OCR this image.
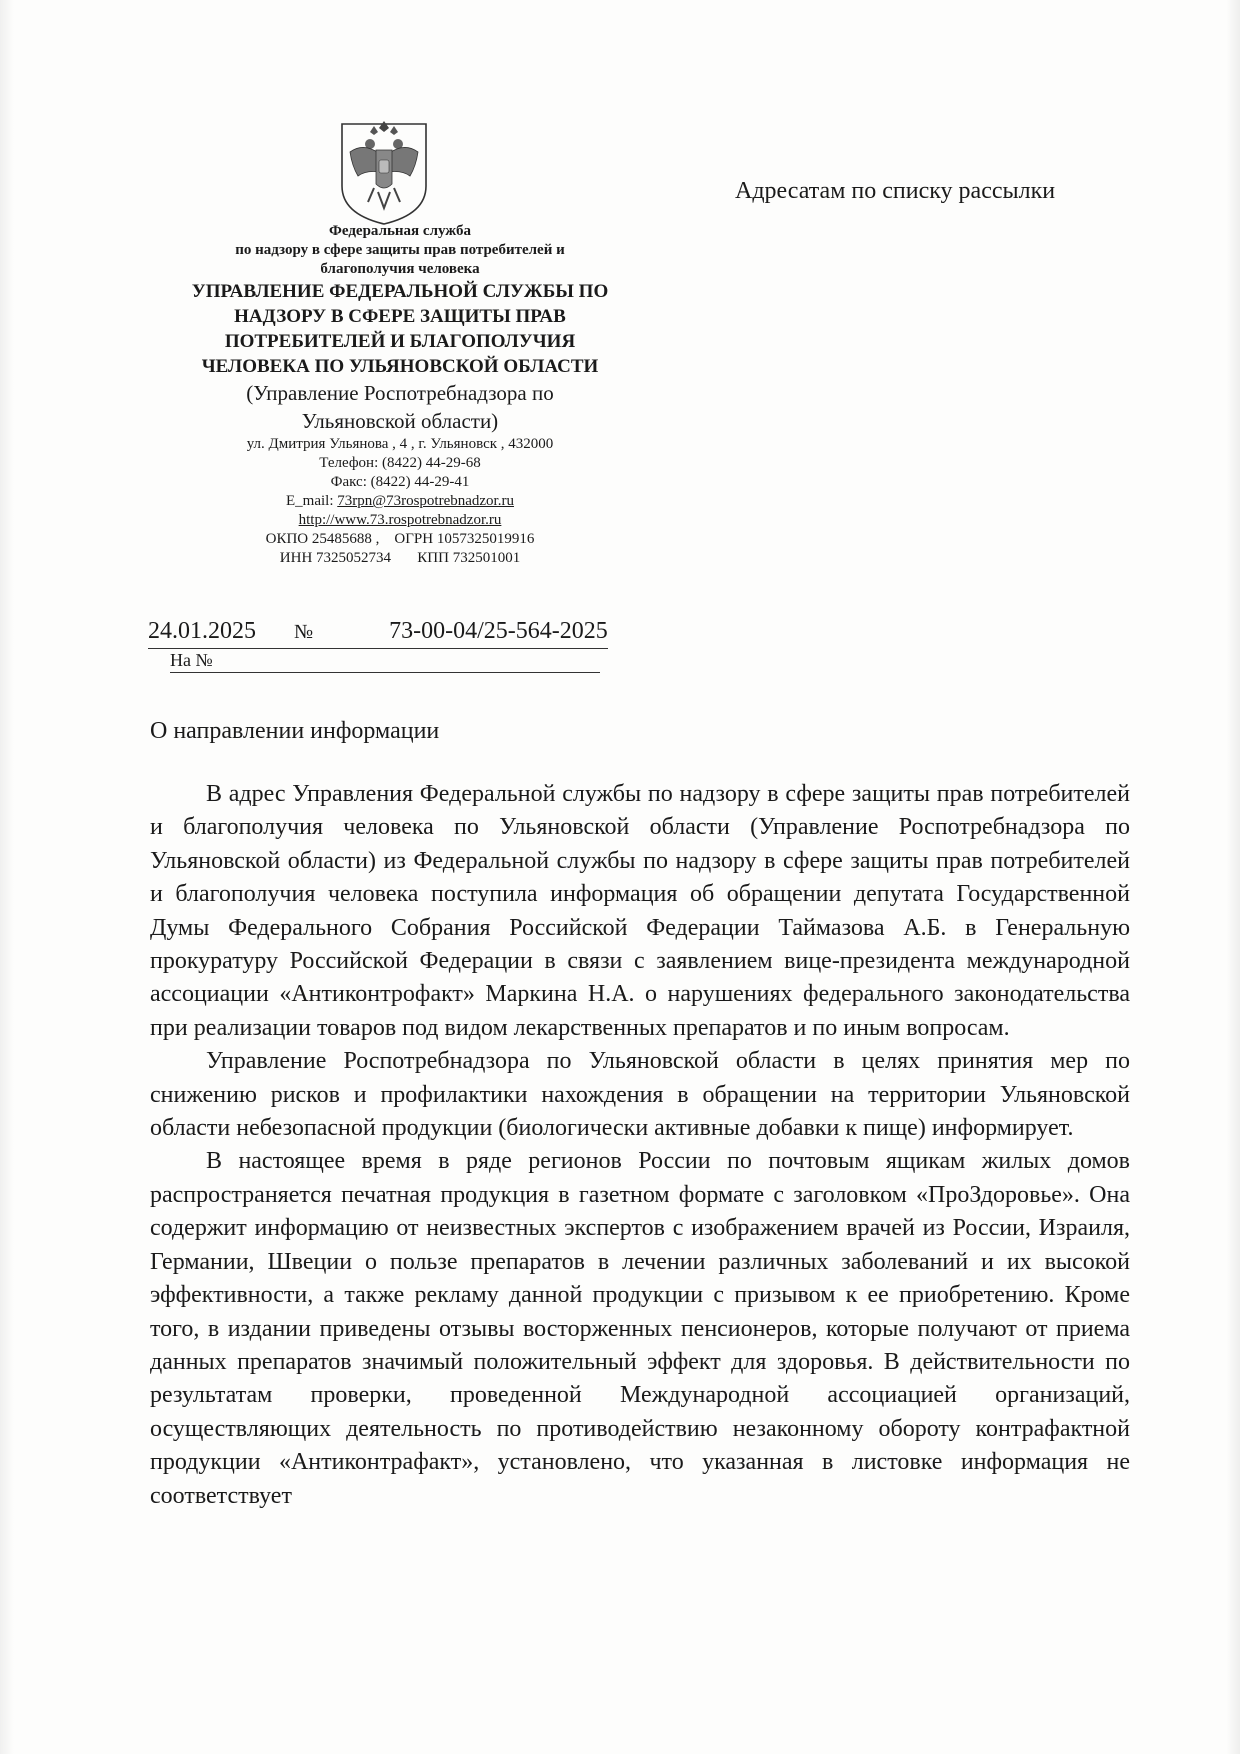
Адресатам по списку рассылки
Федеральная служба
по надзору в сфере защиты прав потребителей и
благополучия человека
УПРАВЛЕНИЕ ФЕДЕРАЛЬНОЙ СЛУЖБЫ ПО
НАДЗОРУ В СФЕРЕ ЗАЩИТЫ ПРАВ
ПОТРЕБИТЕЛЕЙ И БЛАГОПОЛУЧИЯ
ЧЕЛОВЕКА ПО УЛЬЯНОВСКОЙ ОБЛАСТИ
(Управление Роспотребнадзора по
Ульяновской области)
ул. Дмитрия Ульянова , 4 , г. Ульяновск , 432000
Телефон: (8422) 44-29-68
Факс: (8422) 44-29-41
E_mail: 73rpn@73rospotrebnadzor.ru
http://www.73.rospotrebnadzor.ru
ОКПО 25485688 , ОГРН 1057325019916
ИНН 7325052734 КПП 732501001
24.01.2025 №	73-00-04/25-564-2025
На №
О направлении информации

В адрес Управления Федеральной службы по надзору в сфере защиты прав потребителей и благополучия человека по Ульяновской области (Управление Роспотребнадзора по Ульяновской области) из Федеральной службы по надзору в сфере защиты прав потребителей и благополучия человека поступила информация об обращении депутата Государственной Думы Федерального Собрания Российской Федерации Таймазова А.Б. в Генеральную прокуратуру Российской Федерации в связи с заявлением вице-президента международной ассоциации «Антиконтрофакт» Маркина Н.А. о нарушениях федерального законодательства при реализации товаров под видом лекарственных препаратов и по иным вопросам.

Управление Роспотребнадзора по Ульяновской области в целях принятия мер по снижению рисков и профилактики нахождения в обращении на территории Ульяновской области небезопасной продукции (биологически активные добавки к пище) информирует.

В настоящее время в ряде регионов России по почтовым ящикам жилых домов распространяется печатная продукция в газетном формате с заголовком «ПроЗдоровье». Она содержит информацию от неизвестных экспертов с изображением врачей из России, Израиля, Германии, Швеции о пользе препаратов в лечении различных заболеваний и их высокой эффективности, а также рекламу данной продукции с призывом к ее приобретению. Кроме того, в издании приведены отзывы восторженных пенсионеров, которые получают от приема данных препаратов значимый положительный эффект для здоровья. В действительности по результатам проверки, проведенной Международной ассоциацией организаций, осуществляющих деятельность по противодействию незаконному обороту контрафактной продукции «Антиконтрафакт», установлено, что указанная в листовке информация не соответствует
